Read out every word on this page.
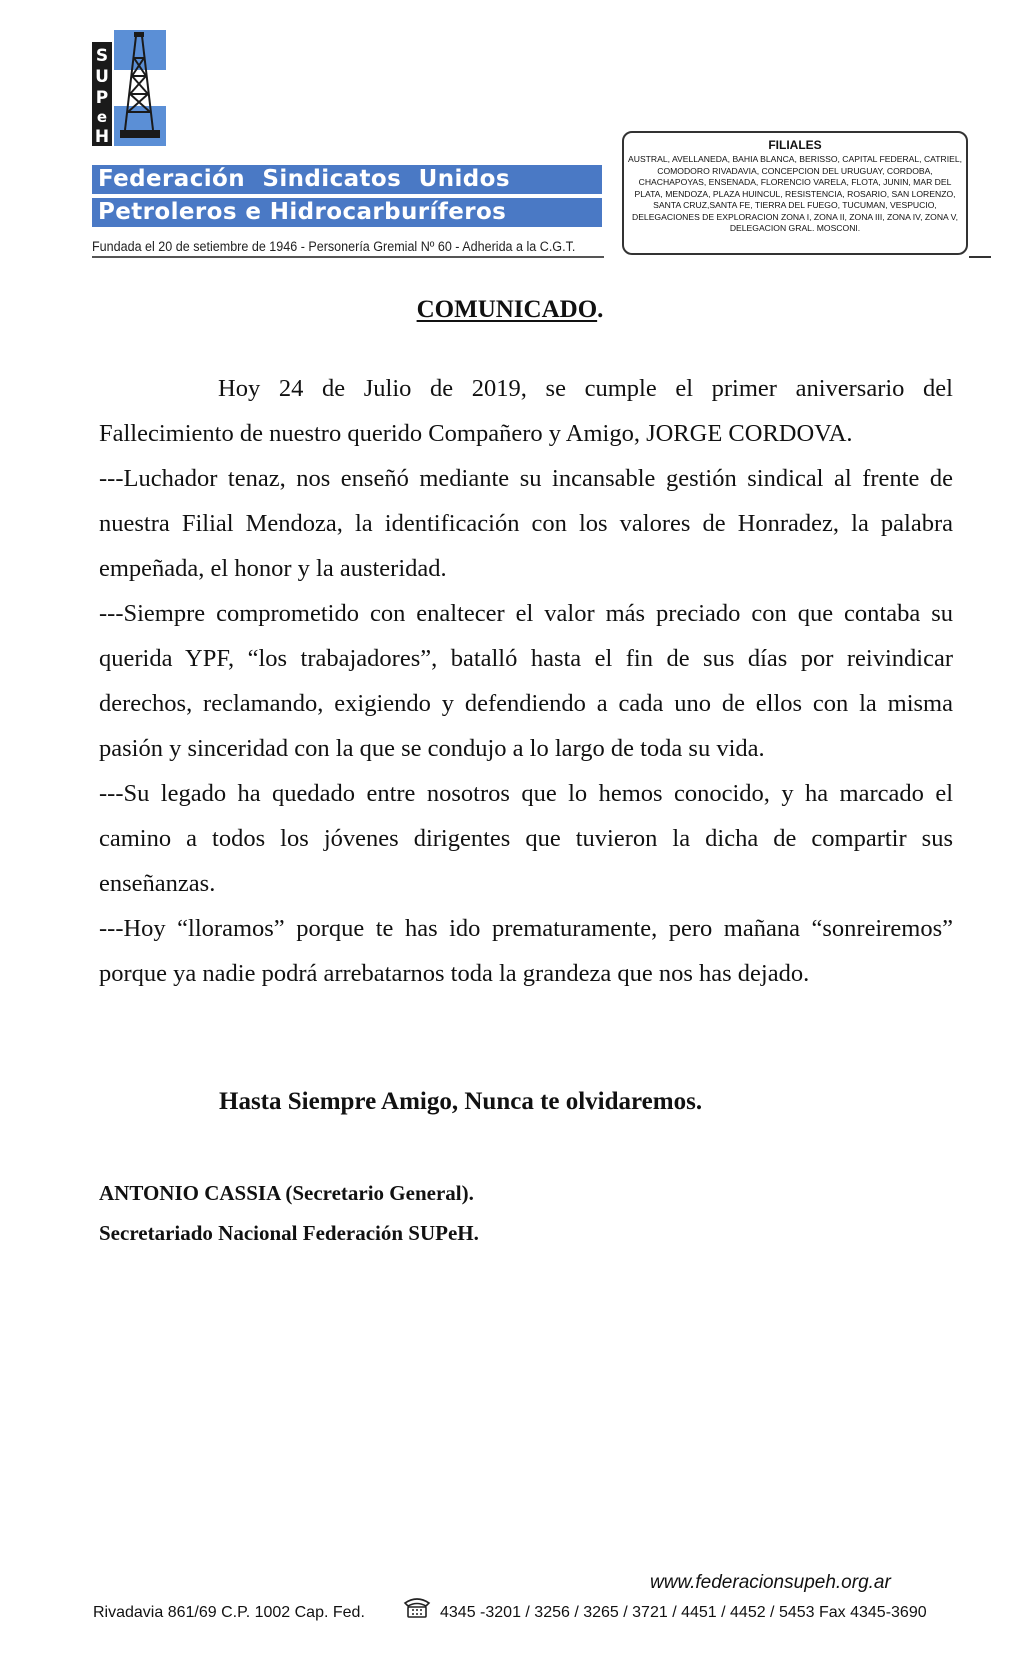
S
U
P
e
H
Federación Sindicatos Unidos
Petroleros e Hidrocarburíferos
Fundada el 20 de setiembre de 1946 - Personería Gremial Nº 60 - Adherida a la C.G.T.
FILIALES
AUSTRAL, AVELLANEDA, BAHIA BLANCA, BERISSO, CAPITAL FEDERAL, CATRIEL, COMODORO RIVADAVIA, CONCEPCION DEL URUGUAY, CORDOBA, CHACHAPOYAS, ENSENADA, FLORENCIO VARELA, FLOTA, JUNIN, MAR DEL PLATA, MENDOZA, PLAZA HUINCUL, RESISTENCIA, ROSARIO, SAN LORENZO, SANTA CRUZ,SANTA FE, TIERRA DEL FUEGO, TUCUMAN, VESPUCIO, DELEGACIONES DE EXPLORACION ZONA I, ZONA II, ZONA III, ZONA IV, ZONA V, DELEGACION GRAL. MOSCONI.
COMUNICADO.

Hoy 24 de Julio de 2019, se cumple el primer aniversario del Fallecimiento de nuestro querido Compañero y Amigo, JORGE CORDOVA.

---Luchador tenaz, nos enseñó mediante su incansable gestión sindical al frente de nuestra Filial Mendoza, la identificación con los valores de Honradez, la palabra empeñada, el honor y la austeridad.

---Siempre comprometido con enaltecer el valor más preciado con que contaba su querida YPF, “los trabajadores”, batalló hasta el fin de sus días por reivindicar derechos, reclamando, exigiendo y defendiendo a cada uno de ellos con la misma pasión y sinceridad con la que se condujo a lo largo de toda su vida.

---Su legado ha quedado entre nosotros que lo hemos conocido, y ha marcado el camino a todos los jóvenes dirigentes que tuvieron la dicha de compartir sus enseñanzas.

---Hoy “lloramos” porque te has ido prematuramente, pero mañana “sonreiremos” porque ya nadie podrá arrebatarnos toda la grandeza que nos has dejado.

Hasta Siempre Amigo, Nunca te olvidaremos.
ANTONIO CASSIA (Secretario General).
Secretariado Nacional Federación SUPeH.
www.federacionsupeh.org.ar
Rivadavia 861/69 C.P. 1002 Cap. Fed.	4345 -3201 / 3256 / 3265 / 3721 / 4451 / 4452 / 5453 Fax 4345-3690
